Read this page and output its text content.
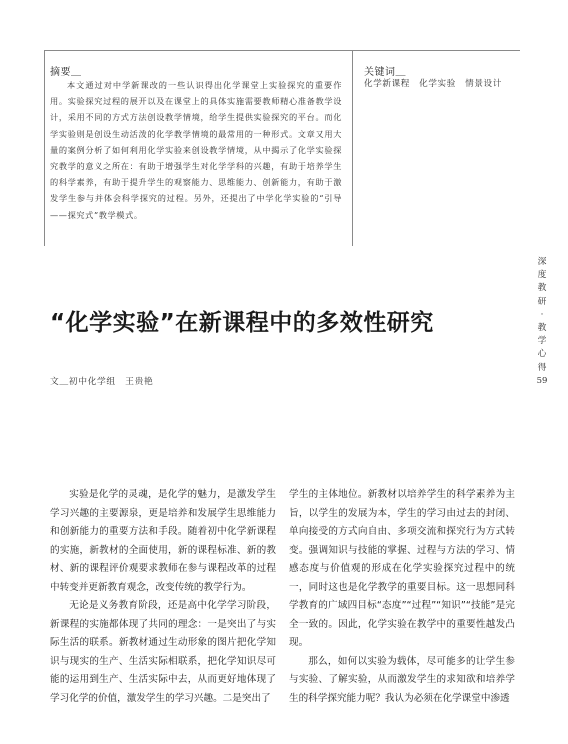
摘要＿
本文通过对中学新课改的一些认识得出化学课堂上实验探究的重要作用。实验探究过程的展开以及在课堂上的具体实施需要教师精心准备教学设计，采用不同的方式方法创设教学情境，给学生提供实验探究的平台。而化学实验则是创设生动活泼的化学教学情境的最常用的一种形式。文章又用大量的案例分析了如何利用化学实验来创设教学情境，从中揭示了化学实验探究教学的意义之所在：有助于增强学生对化学学科的兴趣，有助于培养学生的科学素养，有助于提升学生的观察能力、思维能力、创新能力，有助于激发学生参与并体会科学探究的过程。另外，还提出了中学化学实验的“引导——探究式”教学模式。
关键词＿
化学新课程　化学实验　情景设计
深
度
教
研
·
教
学
心
得
59
“化学实验”在新课程中的多效性研究
文＿初中化学组　王贵艳

实验是化学的灵魂，是化学的魅力，是激发学生学习兴趣的主要源泉，更是培养和发展学生思维能力和创新能力的重要方法和手段。随着初中化学新课程的实施，新教材的全面使用，新的课程标准、新的教材、新的课程评价观要求教师在参与课程改革的过程中转变并更新教育观念，改变传统的教学行为。

无论是义务教育阶段，还是高中化学学习阶段，新课程的实施都体现了共同的理念：一是突出了与实际生活的联系。新教材通过生动形象的图片把化学知识与现实的生产、生活实际相联系，把化学知识尽可能的运用到生产、生活实际中去，从而更好地体现了学习化学的价值，激发学生的学习兴趣。二是突出了

学生的主体地位。新教材以培养学生的科学素养为主旨，以学生的发展为本，学生的学习由过去的封闭、单向接受的方式向自由、多项交流和探究行为方式转变。强调知识与技能的掌握、过程与方法的学习、情感态度与价值观的形成在化学实验探究过程中的统一，同时这也是化学教学的重要目标。这一思想同科学教育的广域四目标“态度”“过程”“知识”“技能”是完全一致的。因此，化学实验在教学中的重要性越发凸现。

那么，如何以实验为载体，尽可能多的让学生参与实验、了解实验，从而激发学生的求知欲和培养学生的科学探究能力呢？我认为必须在化学课堂中渗透
